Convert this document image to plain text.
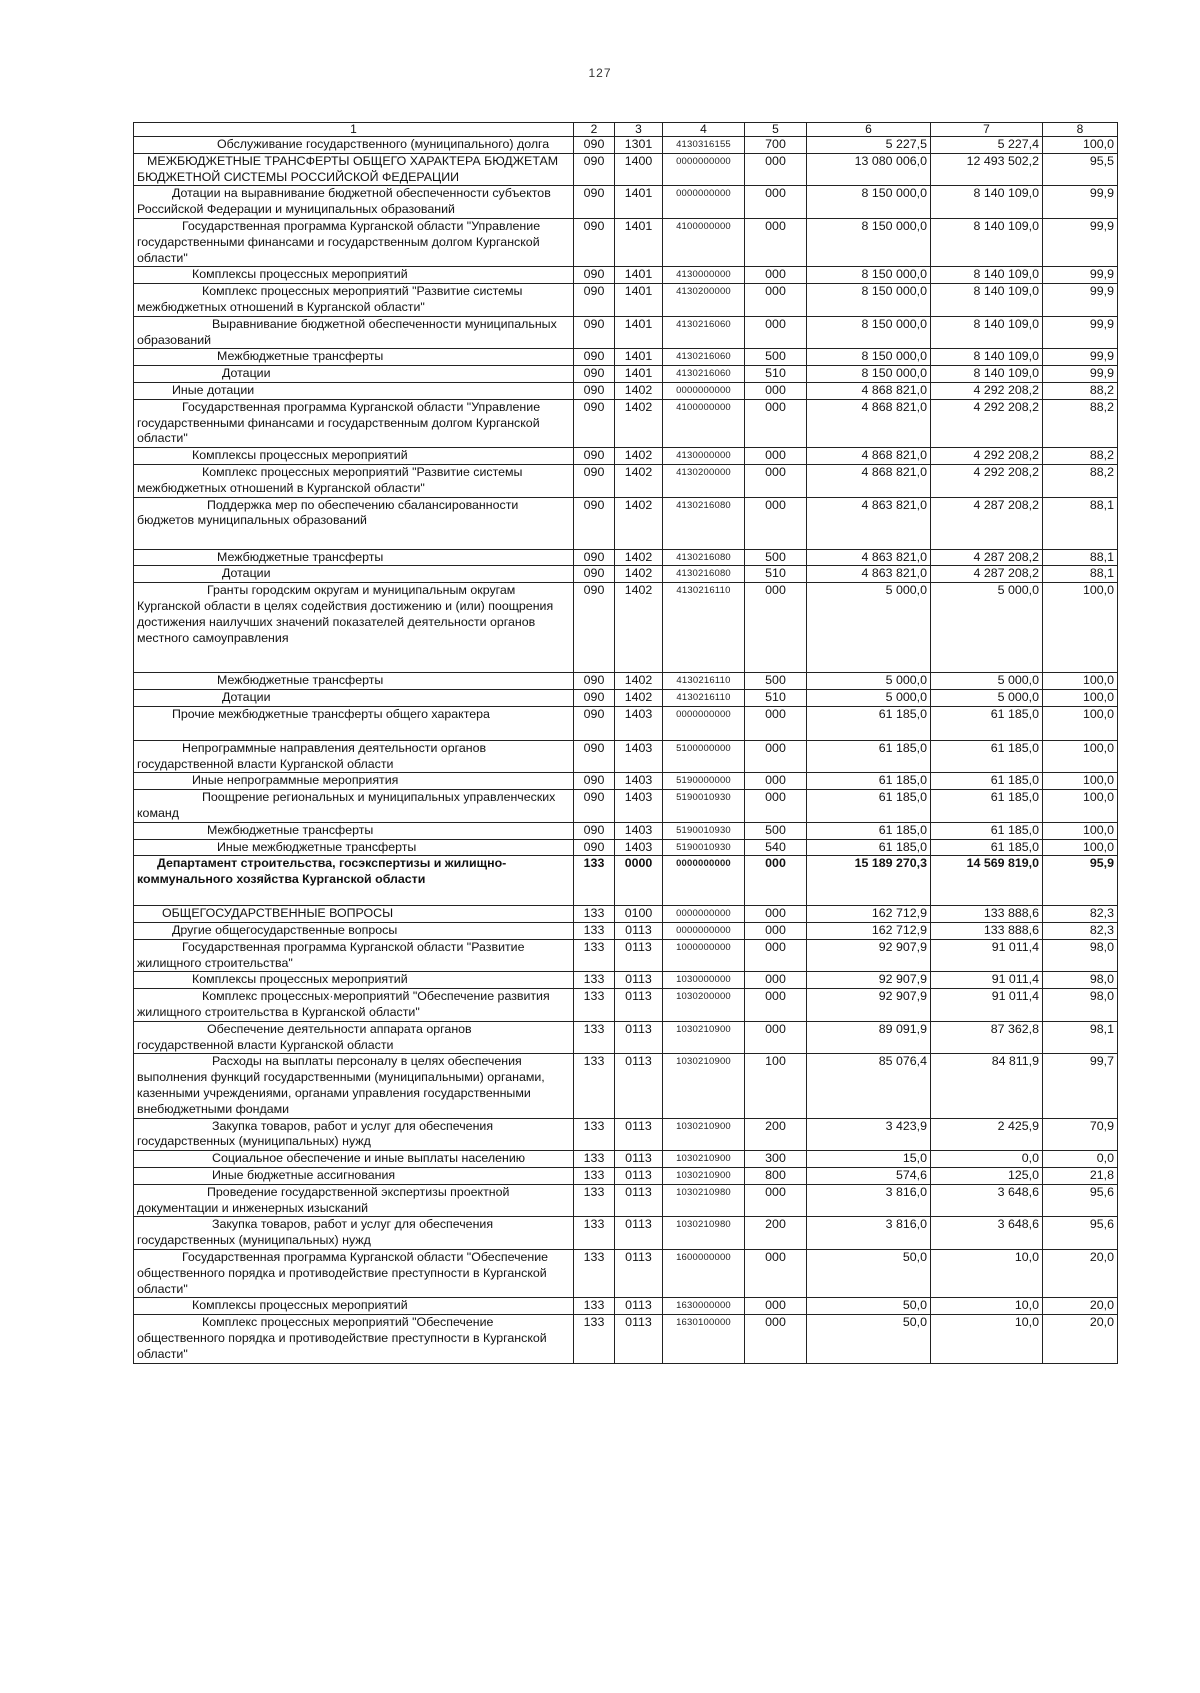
127
1	2	3	4	5	6	7	8
Обслуживание государственного (муниципального) долга	090	1301	4130316155	700	5 227,5	5 227,4	100,0
МЕЖБЮДЖЕТНЫЕ ТРАНСФЕРТЫ ОБЩЕГО ХАРАКТЕРА БЮДЖЕТАМ БЮДЖЕТНОЙ СИСТЕМЫ РОССИЙСКОЙ ФЕДЕРАЦИИ	090	1400	0000000000	000	13 080 006,0	12 493 502,2	95,5
Дотации на выравнивание бюджетной обеспеченности субъектов Российской Федерации и муниципальных образований	090	1401	0000000000	000	8 150 000,0	8 140 109,0	99,9
Государственная программа Курганской области "Управление государственными финансами и государственным долгом Курганской области"	090	1401	4100000000	000	8 150 000,0	8 140 109,0	99,9
Комплексы процессных мероприятий	090	1401	4130000000	000	8 150 000,0	8 140 109,0	99,9
Комплекс процессных мероприятий "Развитие системы межбюджетных отношений в Курганской области"	090	1401	4130200000	000	8 150 000,0	8 140 109,0	99,9
Выравнивание бюджетной обеспеченности муниципальных образований	090	1401	4130216060	000	8 150 000,0	8 140 109,0	99,9
Межбюджетные трансферты	090	1401	4130216060	500	8 150 000,0	8 140 109,0	99,9
Дотации	090	1401	4130216060	510	8 150 000,0	8 140 109,0	99,9
Иные дотации	090	1402	0000000000	000	4 868 821,0	4 292 208,2	88,2
Государственная программа Курганской области "Управление государственными финансами и государственным долгом Курганской области"	090	1402	4100000000	000	4 868 821,0	4 292 208,2	88,2
Комплексы процессных мероприятий	090	1402	4130000000	000	4 868 821,0	4 292 208,2	88,2
Комплекс процессных мероприятий "Развитие системы межбюджетных отношений в Курганской области"	090	1402	4130200000	000	4 868 821,0	4 292 208,2	88,2
Поддержка мер по обеспечению сбалансированности бюджетов муниципальных образований	090	1402	4130216080	000	4 863 821,0	4 287 208,2	88,1
Межбюджетные трансферты	090	1402	4130216080	500	4 863 821,0	4 287 208,2	88,1
Дотации	090	1402	4130216080	510	4 863 821,0	4 287 208,2	88,1
Гранты городским округам и муниципальным округам Курганской области в целях содействия достижению и (или) поощрения достижения наилучших значений показателей деятельности органов местного самоуправления	090	1402	4130216110	000	5 000,0	5 000,0	100,0
Межбюджетные трансферты	090	1402	4130216110	500	5 000,0	5 000,0	100,0
Дотации	090	1402	4130216110	510	5 000,0	5 000,0	100,0
Прочие межбюджетные трансферты общего характера	090	1403	0000000000	000	61 185,0	61 185,0	100,0
Непрограммные направления деятельности органов государственной власти Курганской области	090	1403	5100000000	000	61 185,0	61 185,0	100,0
Иные непрограммные мероприятия	090	1403	5190000000	000	61 185,0	61 185,0	100,0
Поощрение региональных и муниципальных управленческих команд	090	1403	5190010930	000	61 185,0	61 185,0	100,0
Межбюджетные трансферты	090	1403	5190010930	500	61 185,0	61 185,0	100,0
Иные межбюджетные трансферты	090	1403	5190010930	540	61 185,0	61 185,0	100,0
Департамент строительства, госэкспертизы и жилищно-коммунального хозяйства Курганской области	133	0000	0000000000	000	15 189 270,3	14 569 819,0	95,9
ОБЩЕГОСУДАРСТВЕННЫЕ ВОПРОСЫ	133	0100	0000000000	000	162 712,9	133 888,6	82,3
Другие общегосударственные вопросы	133	0113	0000000000	000	162 712,9	133 888,6	82,3
Государственная программа Курганской области "Развитие жилищного строительства"	133	0113	1000000000	000	92 907,9	91 011,4	98,0
Комплексы процессных мероприятий	133	0113	1030000000	000	92 907,9	91 011,4	98,0
Комплекс процессных·мероприятий "Обеспечение развития жилищного строительства в Курганской области"	133	0113	1030200000	000	92 907,9	91 011,4	98,0
Обеспечение деятельности аппарата органов государственной власти Курганской области	133	0113	1030210900	000	89 091,9	87 362,8	98,1
Расходы на выплаты персоналу в целях обеспечения выполнения функций государственными (муниципальными) органами, казенными учреждениями, органами управления государственными внебюджетными фондами	133	0113	1030210900	100	85 076,4	84 811,9	99,7
Закупка товаров, работ и услуг для обеспечения государственных (муниципальных) нужд	133	0113	1030210900	200	3 423,9	2 425,9	70,9
Социальное обеспечение и иные выплаты населению	133	0113	1030210900	300	15,0	0,0	0,0
Иные бюджетные ассигнования	133	0113	1030210900	800	574,6	125,0	21,8
Проведение государственной экспертизы проектной документации и инженерных изысканий	133	0113	1030210980	000	3 816,0	3 648,6	95,6
Закупка товаров, работ и услуг для обеспечения государственных (муниципальных) нужд	133	0113	1030210980	200	3 816,0	3 648,6	95,6
Государственная программа Курганской области "Обеспечение общественного порядка и противодействие преступности в Курганской области"	133	0113	1600000000	000	50,0	10,0	20,0
Комплексы процессных мероприятий	133	0113	1630000000	000	50,0	10,0	20,0
Комплекс процессных мероприятий "Обеспечение общественного порядка и противодействие преступности в Курганской области"	133	0113	1630100000	000	50,0	10,0	20,0
